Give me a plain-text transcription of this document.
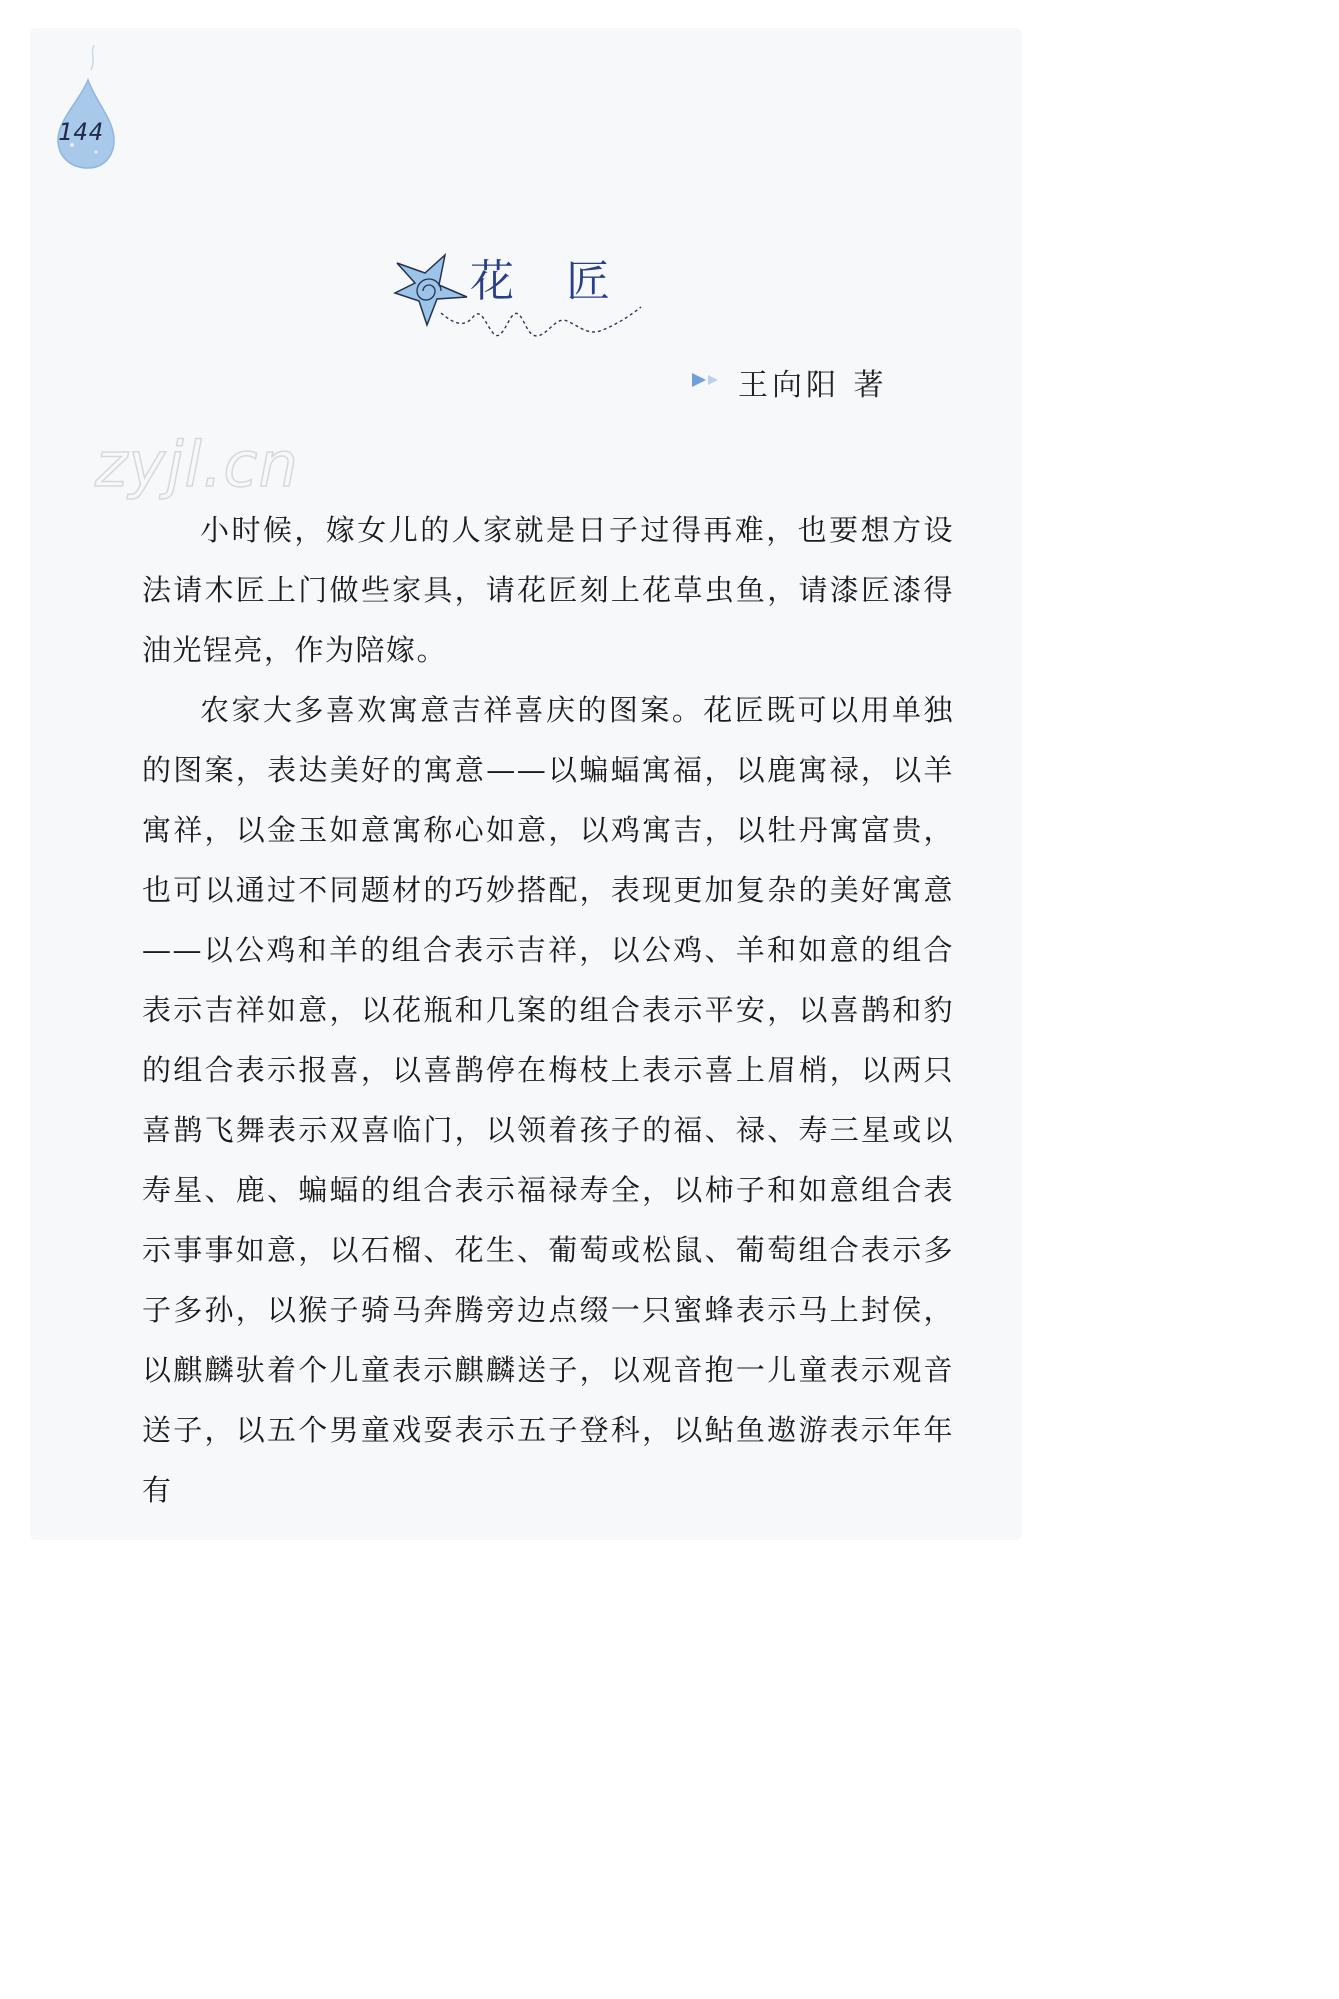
144
花匠
王向阳 著
zyjl.cn

小时候，嫁女儿的人家就是日子过得再难，也要想方设法请木匠上门做些家具，请花匠刻上花草虫鱼，请漆匠漆得油光锃亮，作为陪嫁。

农家大多喜欢寓意吉祥喜庆的图案。花匠既可以用单独的图案，表达美好的寓意——以蝙蝠寓福，以鹿寓禄，以羊寓祥，以金玉如意寓称心如意，以鸡寓吉，以牡丹寓富贵，也可以通过不同题材的巧妙搭配，表现更加复杂的美好寓意——以公鸡和羊的组合表示吉祥，以公鸡、羊和如意的组合表示吉祥如意，以花瓶和几案的组合表示平安，以喜鹊和豹的组合表示报喜，以喜鹊停在梅枝上表示喜上眉梢，以两只喜鹊飞舞表示双喜临门，以领着孩子的福、禄、寿三星或以寿星、鹿、蝙蝠的组合表示福禄寿全，以柿子和如意组合表示事事如意，以石榴、花生、葡萄或松鼠、葡萄组合表示多子多孙，以猴子骑马奔腾旁边点缀一只蜜蜂表示马上封侯，以麒麟驮着个儿童表示麒麟送子，以观音抱一儿童表示观音送子，以五个男童戏耍表示五子登科，以鲇鱼遨游表示年年有
